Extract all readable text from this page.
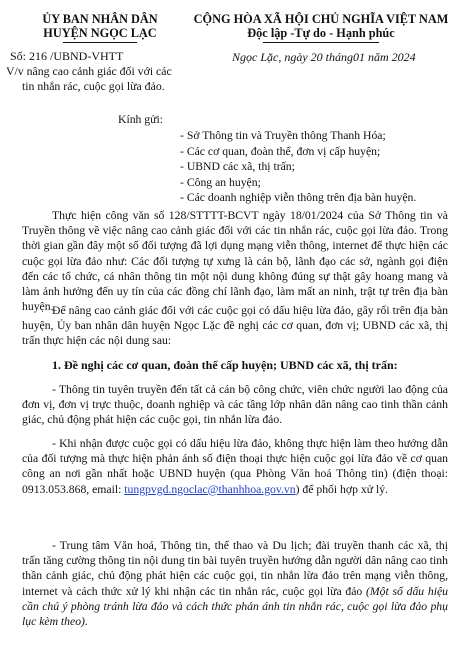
ỦY BAN NHÂN DÂN
HUYỆN NGỌC LẠC
Số: 216 /UBND-VHTT
V/v nâng cao cảnh giác đối với các
tin nhắn rác, cuộc gọi lừa đảo.
CỘNG HÒA XÃ HỘI CHỦ NGHĨA VIỆT NAM
Độc lập -Tự do - Hạnh phúc
Ngọc Lặc, ngày 20 tháng01 năm 2024
Kính gửi:
- Sở Thông tin và Truyền thông Thanh Hóa;
- Các cơ quan, đoàn thể, đơn vị cấp huyện;
- UBND các xã, thị trấn;
- Công an huyện;
- Các doanh nghiệp viễn thông trên địa bàn huyện.
Thực hiện công văn số 128/STTTT-BCVT ngày 18/01/2024 của Sở Thông tin và Truyền thông về việc nâng cao cảnh giác đối với các tin nhắn rác, cuộc gọi lừa đảo. Trong thời gian gần đây một số đối tượng đã lợi dụng mạng viễn thông, internet để thực hiện các cuộc gọi lừa đảo như: Các đối tượng tự xưng là cán bộ, lãnh đạo các sở, ngành gọi điện đến các tổ chức, cá nhân thông tin một nội dung không đúng sự thật gây hoang mang và làm ảnh hưởng đến uy tín của các đồng chí lãnh đạo, làm mất an ninh, trật tự trên địa bàn huyện.
Để nâng cao cảnh giác đối với các cuộc gọi có dấu hiệu lừa đảo, gây rối trên địa bàn huyện, Ủy ban nhân dân huyện Ngọc Lặc đề nghị các cơ quan, đơn vị; UBND các xã, thị trấn thực hiện các nội dung sau:
1. Đề nghị các cơ quan, đoàn thể cấp huyện; UBND các xã, thị trấn:
- Thông tin tuyên truyền đến tất cả cán bộ công chức, viên chức người lao động của đơn vị, đơn vị trực thuộc, doanh nghiệp và các tầng lớp nhân dân nâng cao tinh thần cảnh giác, chủ động phát hiện các cuộc gọi, tin nhắn lừa đảo.
- Khi nhận được cuộc gọi có dấu hiệu lừa đảo, không thực hiện làm theo hướng dẫn của đối tượng mà thực hiện phản ánh số điện thoại thực hiện cuộc gọi lừa đảo về cơ quan công an nơi gần nhất hoặc UBND huyện (qua Phòng Văn hoá Thông tin) (điện thoại: 0913.053.868, email: tungpvgd.ngoclac@thanhhoa.gov.vn) để phối hợp xử lý.
- Trung tâm Văn hoá, Thông tin, thể thao và Du lịch; đài truyền thanh các xã, thị trấn tăng cường thông tin nội dung tin bài tuyên truyền hướng dẫn người dân nâng cao tinh thần cảnh giác, chủ động phát hiện các cuộc gọi, tin nhắn lừa đảo trên mạng viễn thông, internet và cách thức xử lý khi nhận các tin nhắn rác, cuộc gọi lừa đảo (Một số dấu hiệu cần chú ý phòng tránh lừa đảo và cách thức phản ánh tin nhắn rác, cuộc gọi lừa đảo phụ lục kèm theo).
